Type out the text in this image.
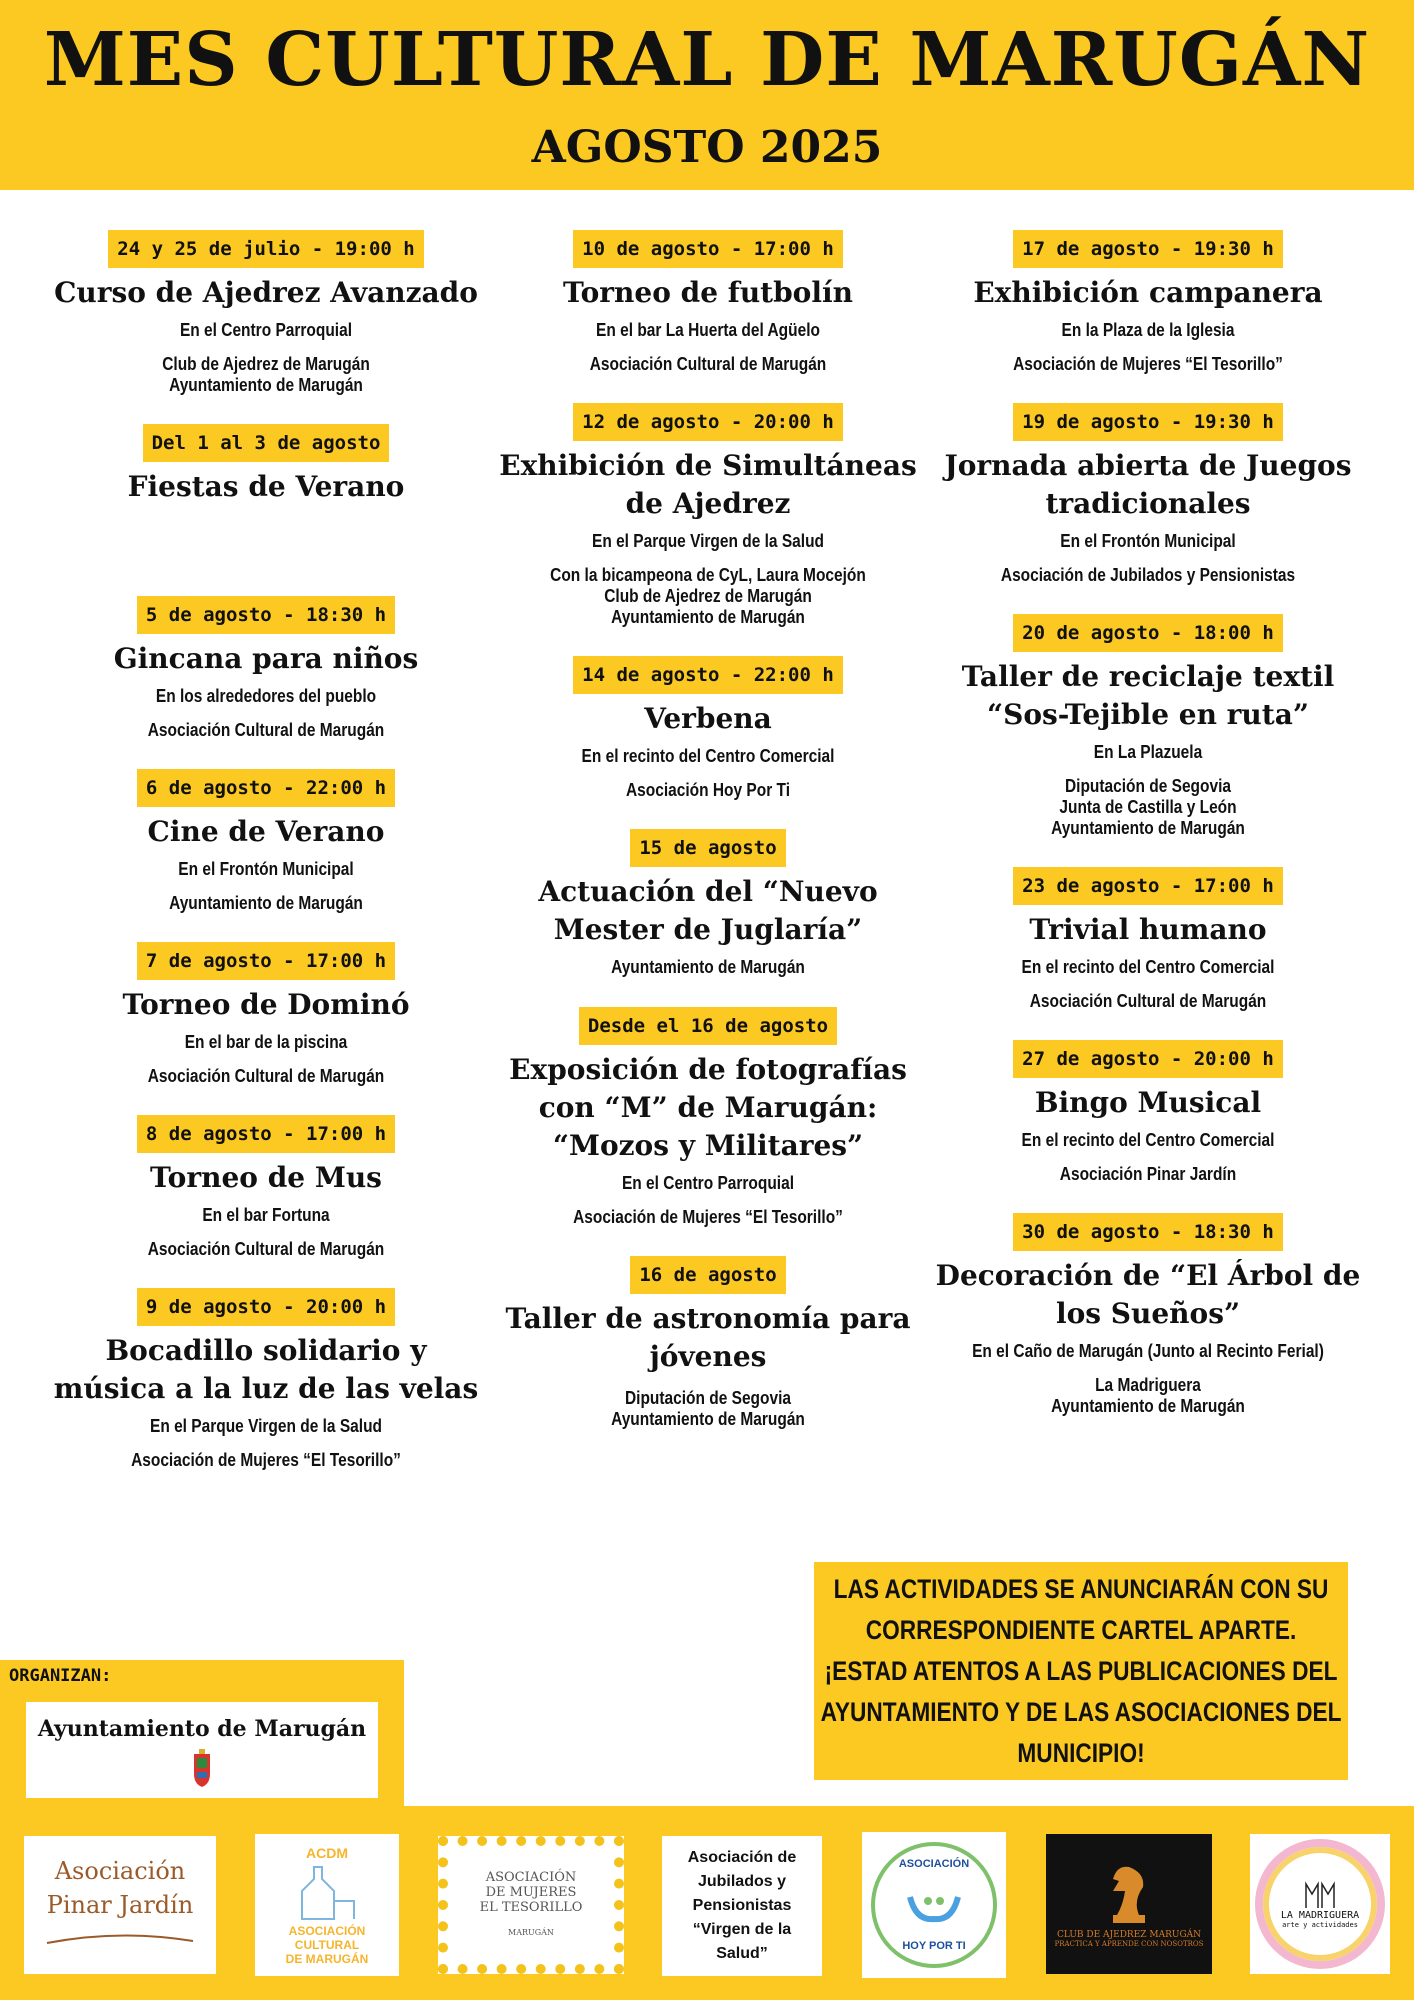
MES CULTURAL DE MARUGÁN
AGOSTO 2025
24 y 25 de julio - 19:00 h
Curso de Ajedrez Avanzado
En el Centro Parroquial
Club de Ajedrez de Marugán
Ayuntamiento de Marugán
Del 1 al 3 de agosto
Fiestas de Verano
5 de agosto - 18:30 h
Gincana para niños
En los alrededores del pueblo
Asociación Cultural de Marugán
6 de agosto - 22:00 h
Cine de Verano
En el Frontón Municipal
Ayuntamiento de Marugán
7 de agosto - 17:00 h
Torneo de Dominó
En el bar de la piscina
Asociación Cultural de Marugán
8 de agosto - 17:00 h
Torneo de Mus
En el bar Fortuna
Asociación Cultural de Marugán
9 de agosto - 20:00 h
Bocadillo solidario y música a la luz de las velas
En el Parque Virgen de la Salud
Asociación de Mujeres “El Tesorillo”
10 de agosto - 17:00 h
Torneo de futbolín
En el bar La Huerta del Agüelo
Asociación Cultural de Marugán
12 de agosto - 20:00 h
Exhibición de Simultáneas de Ajedrez
En el Parque Virgen de la Salud
Con la bicampeona de CyL, Laura Mocejón
Club de Ajedrez de Marugán
Ayuntamiento de Marugán
14 de agosto - 22:00 h
Verbena
En el recinto del Centro Comercial
Asociación Hoy Por Ti
15 de agosto
Actuación del “Nuevo Mester de Juglaría”
Ayuntamiento de Marugán
Desde el 16 de agosto
Exposición de fotografías con “M” de Marugán: “Mozos y Militares”
En el Centro Parroquial
Asociación de Mujeres “El Tesorillo”
16 de agosto
Taller de astronomía para jóvenes
Diputación de Segovia
Ayuntamiento de Marugán
17 de agosto - 19:30 h
Exhibición campanera
En la Plaza de la Iglesia
Asociación de Mujeres “El Tesorillo”
19 de agosto - 19:30 h
Jornada abierta de Juegos tradicionales
En el Frontón Municipal
Asociación de Jubilados y Pensionistas
20 de agosto - 18:00 h
Taller de reciclaje textil “Sos-Tejible en ruta”
En La Plazuela
Diputación de Segovia
Junta de Castilla y León
Ayuntamiento de Marugán
23 de agosto - 17:00 h
Trivial humano
En el recinto del Centro Comercial
Asociación Cultural de Marugán
27 de agosto - 20:00 h
Bingo Musical
En el recinto del Centro Comercial
Asociación Pinar Jardín
30 de agosto - 18:30 h
Decoración de “El Árbol de los Sueños”
En el Caño de Marugán (Junto al Recinto Ferial)
La Madriguera
Ayuntamiento de Marugán
LAS ACTIVIDADES SE ANUNCIARÁN CON SU
CORRESPONDIENTE CARTEL APARTE.
¡ESTAD ATENTOS A LAS PUBLICACIONES DEL
AYUNTAMIENTO Y DE LAS ASOCIACIONES DEL
MUNICIPIO!
ORGANIZAN:
Ayuntamiento de Marugán
Asociación
Pinar Jardín
ACDM
ASOCIACIÓN CULTURAL
DE MARUGÁN
ASOCIACIÓN
DE MUJERES
EL TESORILLO
MARUGÁN
Asociación de
Jubilados y
Pensionistas
“Virgen de la
Salud”
ASOCIACIÓN
HOY POR TI
CLUB DE AJEDREZ MARUGÁN
PRACTICA Y APRENDE CON NOSOTROS
LA MADRIGUERA
arte y actividades
